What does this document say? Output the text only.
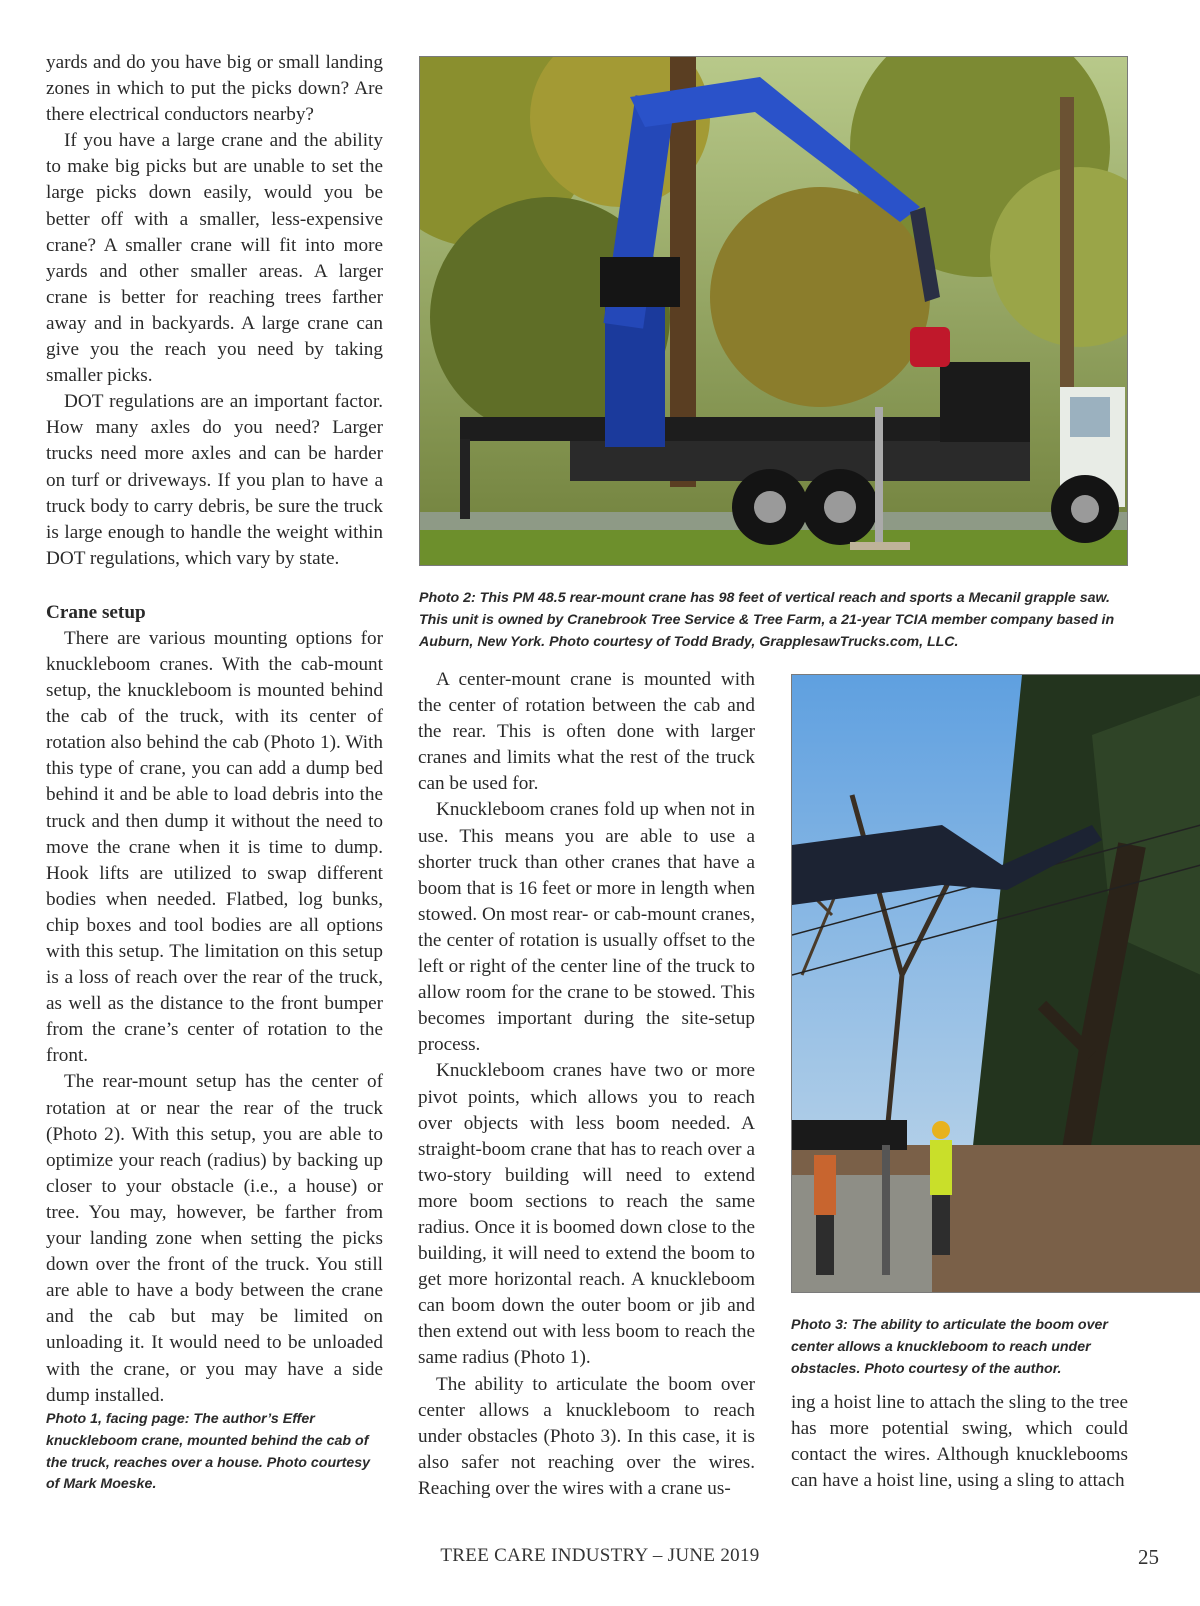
yards and do you have big or small landing zones in which to put the picks down? Are there electrical conductors nearby?

If you have a large crane and the ability to make big picks but are unable to set the large picks down easily, would you be better off with a smaller, less-expensive crane? A smaller crane will fit into more yards and other smaller areas. A larger crane is better for reaching trees farther away and in backyards. A large crane can give you the reach you need by taking smaller picks.

DOT regulations are an important factor. How many axles do you need? Larger trucks need more axles and can be harder on turf or driveways. If you plan to have a truck body to carry debris, be sure the truck is large enough to handle the weight within DOT regulations, which vary by state.

Crane setup

There are various mounting options for knuckleboom cranes. With the cab-mount setup, the knuckleboom is mounted behind the cab of the truck, with its center of rotation also behind the cab (Photo 1). With this type of crane, you can add a dump bed behind it and be able to load debris into the truck and then dump it without the need to move the crane when it is time to dump. Hook lifts are utilized to swap different bodies when needed. Flatbed, log bunks, chip boxes and tool bodies are all options with this setup. The limitation on this setup is a loss of reach over the rear of the truck, as well as the distance to the front bumper from the crane’s center of rotation to the front.

The rear-mount setup has the center of rotation at or near the rear of the truck (Photo 2). With this setup, you are able to optimize your reach (radius) by backing up closer to your obstacle (i.e., a house) or tree. You may, however, be farther from your landing zone when setting the picks down over the front of the truck. You still are able to have a body between the crane and the cab but may be limited on unloading it. It would need to be unloaded with the crane, or you may have a side dump installed.

Photo 1, facing page: The author’s Effer knuckleboom crane, mounted behind the cab of the truck, reaches over a house. Photo courtesy of Mark Moeske.

Photo 2: This PM 48.5 rear-mount crane has 98 feet of vertical reach and sports a Mecanil grapple saw. This unit is owned by Cranebrook Tree Service & Tree Farm, a 21-year TCIA member company based in Auburn, New York. Photo courtesy of Todd Brady, GrapplesawTrucks.com, LLC.

A center-mount crane is mounted with the center of rotation between the cab and the rear. This is often done with larger cranes and limits what the rest of the truck can be used for.

Knuckleboom cranes fold up when not in use. This means you are able to use a shorter truck than other cranes that have a boom that is 16 feet or more in length when stowed. On most rear- or cab-mount cranes, the center of rotation is usually offset to the left or right of the center line of the truck to allow room for the crane to be stowed. This becomes important during the site-setup process.

Knuckleboom cranes have two or more pivot points, which allows you to reach over objects with less boom needed. A straight-boom crane that has to reach over a two-story building will need to extend more boom sections to reach the same radius. Once it is boomed down close to the building, it will need to extend the boom to get more horizontal reach. A knuckleboom can boom down the outer boom or jib and then extend out with less boom to reach the same radius (Photo 1).

The ability to articulate the boom over center allows a knuckleboom to reach under obstacles (Photo 3). In this case, it is also safer not reaching over the wires. Reaching over the wires with a crane us-

Photo 3: The ability to articulate the boom over center allows a knuckleboom to reach under obstacles. Photo courtesy of the author.

ing a hoist line to attach the sling to the tree has more potential swing, which could contact the wires. Although knucklebooms can have a hoist line, using a sling to attach

TREE CARE INDUSTRY – JUNE 2019	25
